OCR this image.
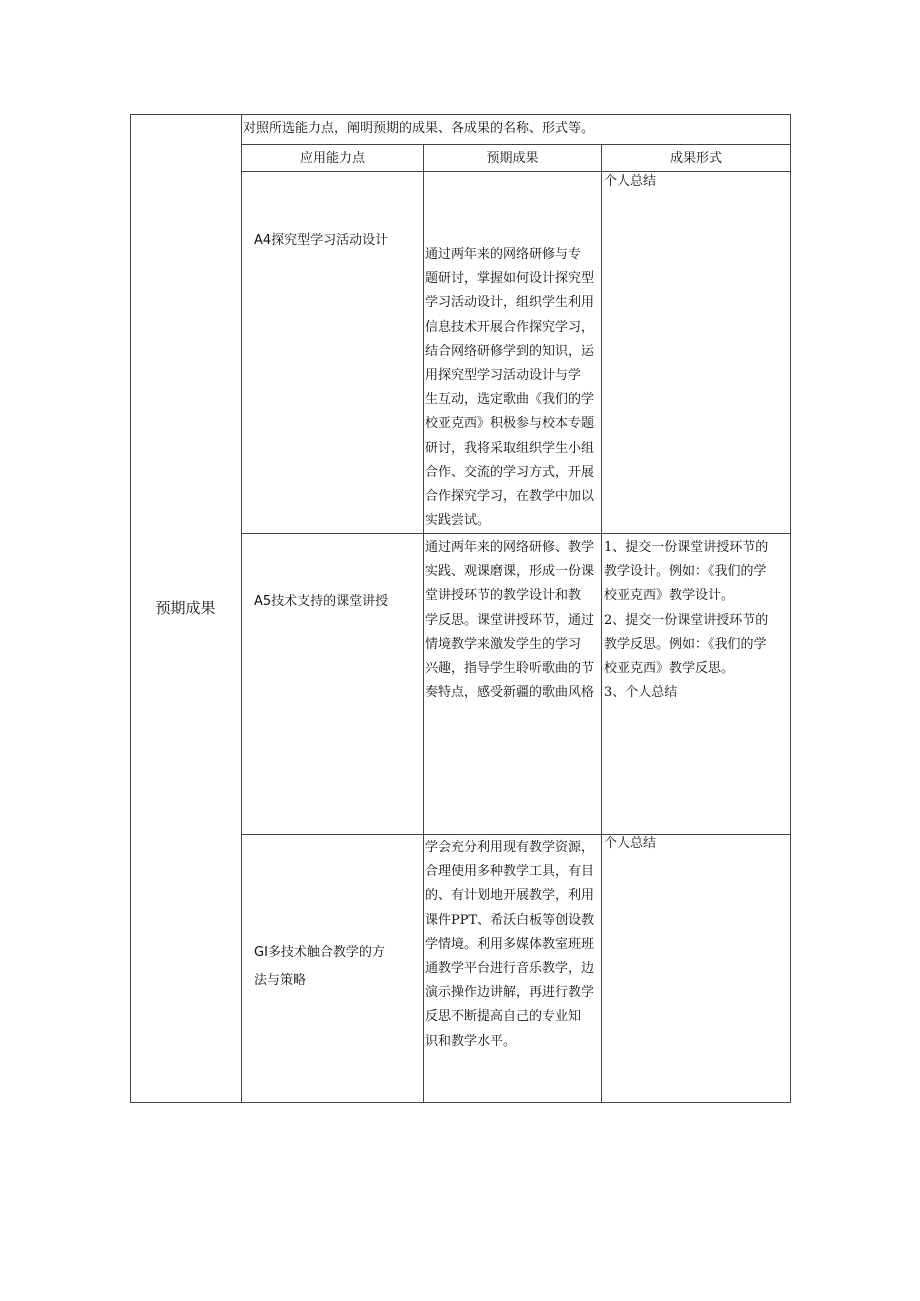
预期成果
对照所选能力点，阐明预期的成果、各成果的名称、形式等。
应用能力点	预期成果	成果形式
A4探究型学习活动设计
通过两年来的网络研修与专
题研讨，掌握如何设计探究型
学习活动设计，组织学生利用
信息技术开展合作探究学习，
结合网络研修学到的知识，运
用探究型学习活动设计与学
生互动，选定歌曲《我们的学
校亚克西》积极参与校本专题
研讨，我将采取组织学生小组
合作、交流的学习方式，开展
合作探究学习，在教学中加以
实践尝试。
个人总结
A5技术支持的课堂讲授
通过两年来的网络研修、教学
实践、观课磨课，形成一份课
堂讲授环节的教学设计和教
学反思。课堂讲授环节，通过
情境教学来激发学生的学习
兴趣，指导学生聆听歌曲的节
奏特点，感受新疆的歌曲风格
1、提交一份课堂讲授环节的
教学设计。例如：《我们的学
校亚克西》教学设计。
2、提交一份课堂讲授环节的
教学反思。例如：《我们的学
校亚克西》教学反思。
3、个人总结
GI多技术触合教学的方
法与策略
学会充分利用现有教学资源，
合理使用多种教学工具，有目
的、有计划地开展教学，利用
课件PPT、希沃白板等创设教
学情境。利用多媒体教室班班
通教学平台进行音乐教学，边
演示操作边讲解，再进行教学
反思不断提高自己的专业知
识和教学水平。
个人总结
